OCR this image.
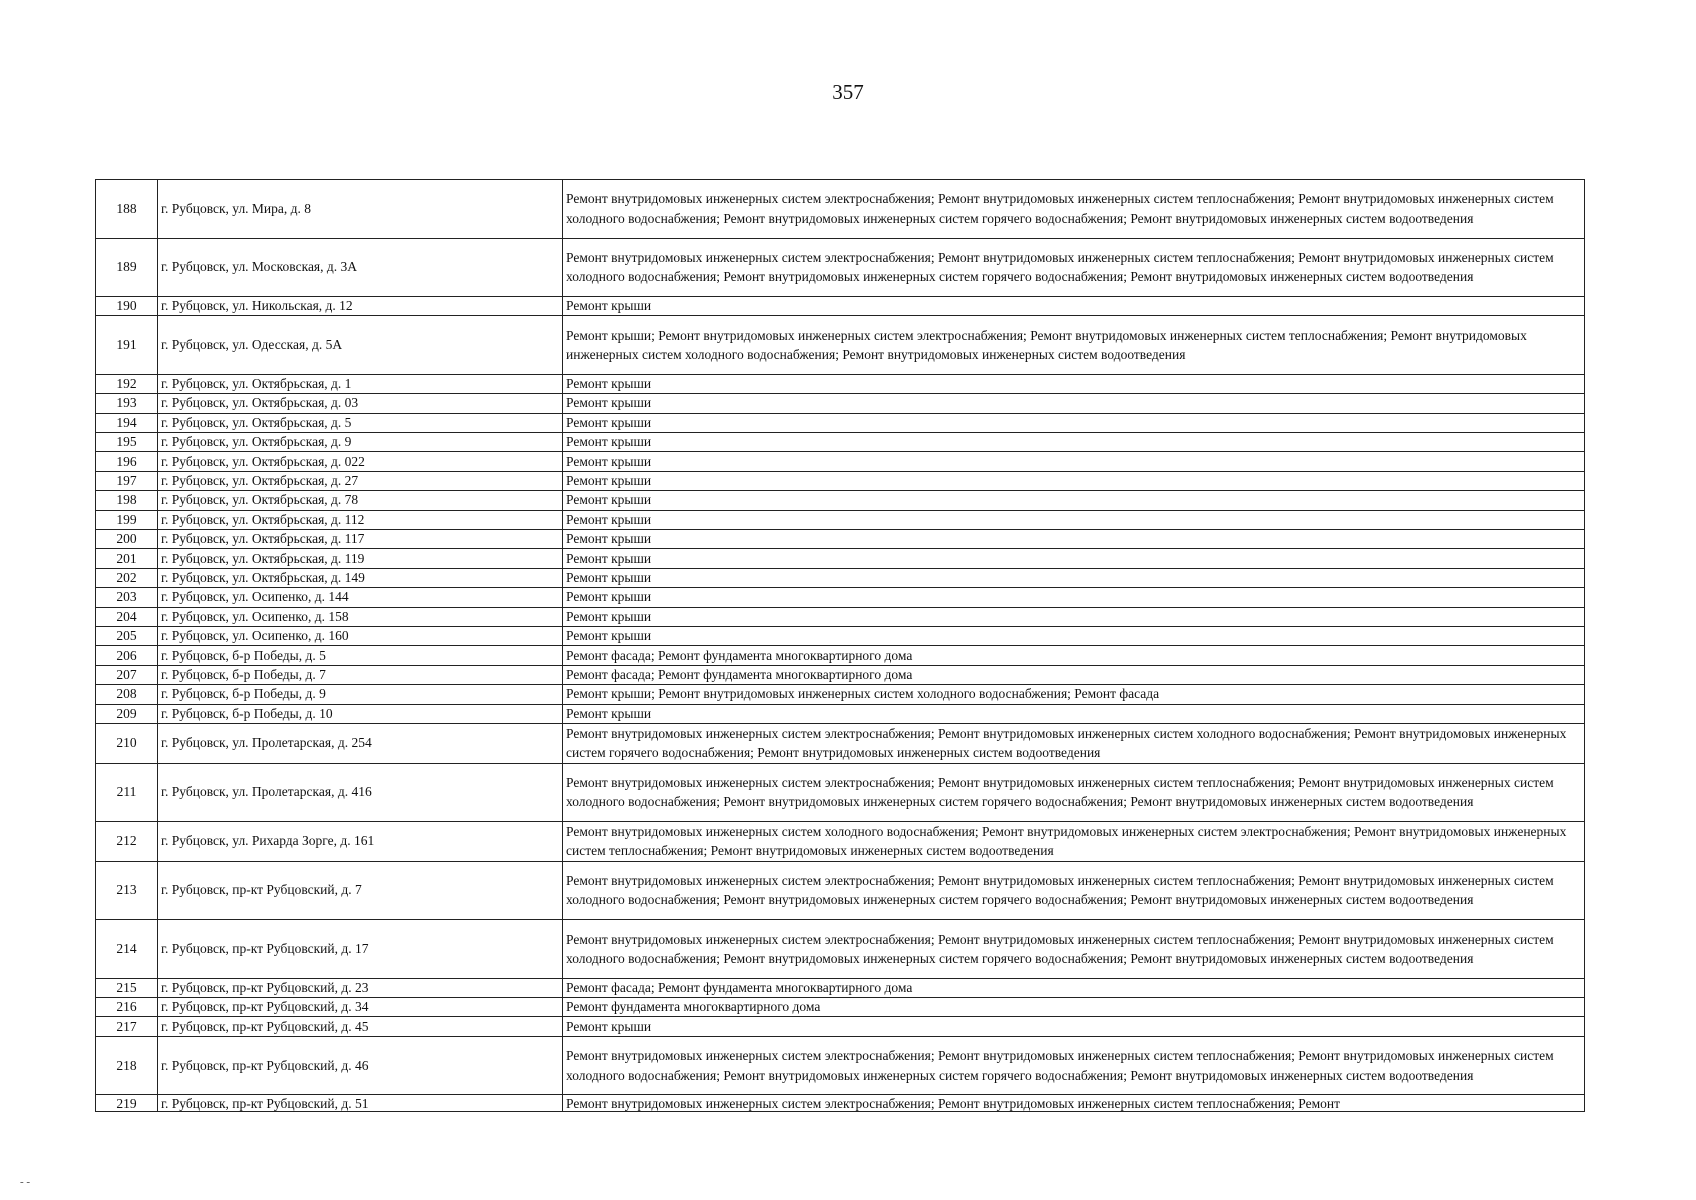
357
188	г. Рубцовск, ул. Мира, д. 8	Ремонт внутридомовых инженерных систем электроснабжения; Ремонт внутридомовых инженерных систем теплоснабжения; Ремонт внутридомовых инженерных систем холодного водоснабжения; Ремонт внутридомовых инженерных систем горячего водоснабжения; Ремонт внутридомовых инженерных систем водоотведения
189	г. Рубцовск, ул. Московская, д. 3А	Ремонт внутридомовых инженерных систем электроснабжения; Ремонт внутридомовых инженерных систем теплоснабжения; Ремонт внутридомовых инженерных систем холодного водоснабжения; Ремонт внутридомовых инженерных систем горячего водоснабжения; Ремонт внутридомовых инженерных систем водоотведения
190	г. Рубцовск, ул. Никольская, д. 12	Ремонт крыши
191	г. Рубцовск, ул. Одесская, д. 5А	Ремонт крыши; Ремонт внутридомовых инженерных систем электроснабжения; Ремонт внутридомовых инженерных систем теплоснабжения; Ремонт внутридомовых инженерных систем холодного водоснабжения; Ремонт внутридомовых инженерных систем водоотведения
192	г. Рубцовск, ул. Октябрьская, д. 1	Ремонт крыши
193	г. Рубцовск, ул. Октябрьская, д. 03	Ремонт крыши
194	г. Рубцовск, ул. Октябрьская, д. 5	Ремонт крыши
195	г. Рубцовск, ул. Октябрьская, д. 9	Ремонт крыши
196	г. Рубцовск, ул. Октябрьская, д. 022	Ремонт крыши
197	г. Рубцовск, ул. Октябрьская, д. 27	Ремонт крыши
198	г. Рубцовск, ул. Октябрьская, д. 78	Ремонт крыши
199	г. Рубцовск, ул. Октябрьская, д. 112	Ремонт крыши
200	г. Рубцовск, ул. Октябрьская, д. 117	Ремонт крыши
201	г. Рубцовск, ул. Октябрьская, д. 119	Ремонт крыши
202	г. Рубцовск, ул. Октябрьская, д. 149	Ремонт крыши
203	г. Рубцовск, ул. Осипенко, д. 144	Ремонт крыши
204	г. Рубцовск, ул. Осипенко, д. 158	Ремонт крыши
205	г. Рубцовск, ул. Осипенко, д. 160	Ремонт крыши
206	г. Рубцовск, б-р Победы, д. 5	Ремонт фасада; Ремонт фундамента многоквартирного дома
207	г. Рубцовск, б-р Победы, д. 7	Ремонт фасада; Ремонт фундамента многоквартирного дома
208	г. Рубцовск, б-р Победы, д. 9	Ремонт крыши; Ремонт внутридомовых инженерных систем холодного водоснабжения; Ремонт фасада
209	г. Рубцовск, б-р Победы, д. 10	Ремонт крыши
210	г. Рубцовск, ул. Пролетарская, д. 254	Ремонт внутридомовых инженерных систем электроснабжения; Ремонт внутридомовых инженерных систем холодного водоснабжения; Ремонт внутридомовых инженерных систем горячего водоснабжения; Ремонт внутридомовых инженерных систем водоотведения
211	г. Рубцовск, ул. Пролетарская, д. 416	Ремонт внутридомовых инженерных систем электроснабжения; Ремонт внутридомовых инженерных систем теплоснабжения; Ремонт внутридомовых инженерных систем холодного водоснабжения; Ремонт внутридомовых инженерных систем горячего водоснабжения; Ремонт внутридомовых инженерных систем водоотведения
212	г. Рубцовск, ул. Рихарда Зорге, д. 161	Ремонт внутридомовых инженерных систем холодного водоснабжения; Ремонт внутридомовых инженерных систем электроснабжения; Ремонт внутридомовых инженерных систем теплоснабжения; Ремонт внутридомовых инженерных систем водоотведения
213	г. Рубцовск, пр-кт Рубцовский, д. 7	Ремонт внутридомовых инженерных систем электроснабжения; Ремонт внутридомовых инженерных систем теплоснабжения; Ремонт внутридомовых инженерных систем холодного водоснабжения; Ремонт внутридомовых инженерных систем горячего водоснабжения; Ремонт внутридомовых инженерных систем водоотведения
214	г. Рубцовск, пр-кт Рубцовский, д. 17	Ремонт внутридомовых инженерных систем электроснабжения; Ремонт внутридомовых инженерных систем теплоснабжения; Ремонт внутридомовых инженерных систем холодного водоснабжения; Ремонт внутридомовых инженерных систем горячего водоснабжения; Ремонт внутридомовых инженерных систем водоотведения
215	г. Рубцовск, пр-кт Рубцовский, д. 23	Ремонт фасада; Ремонт фундамента многоквартирного дома
216	г. Рубцовск, пр-кт Рубцовский, д. 34	Ремонт фундамента многоквартирного дома
217	г. Рубцовск, пр-кт Рубцовский, д. 45	Ремонт крыши
218	г. Рубцовск, пр-кт Рубцовский, д. 46	Ремонт внутридомовых инженерных систем электроснабжения; Ремонт внутридомовых инженерных систем теплоснабжения; Ремонт внутридомовых инженерных систем холодного водоснабжения; Ремонт внутридомовых инженерных систем горячего водоснабжения; Ремонт внутридомовых инженерных систем водоотведения
219	г. Рубцовск, пр-кт Рубцовский, д. 51	Ремонт внутридомовых инженерных систем электроснабжения; Ремонт внутридомовых инженерных систем теплоснабжения; Ремонт
- -
